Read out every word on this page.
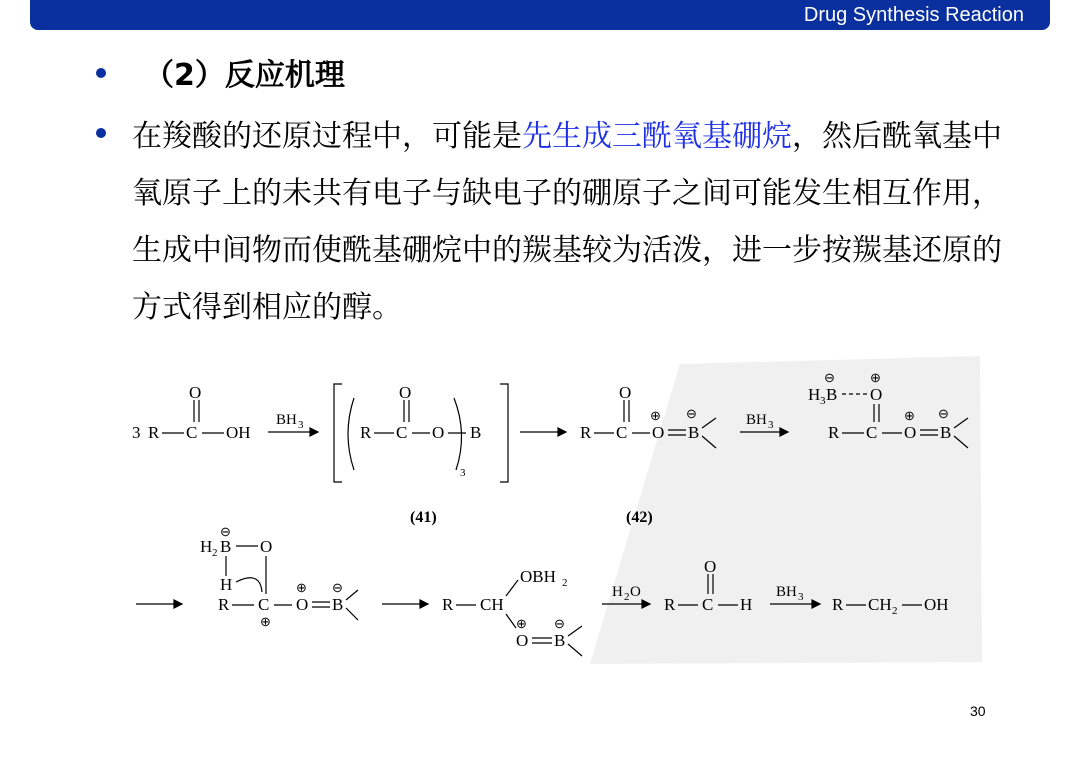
Drug Synthesis Reaction
（2）反应机理
在羧酸的还原过程中，可能是先生成三酰氧基硼烷，然后酰氧基中氧原子上的未共有电子与缺电子的硼原子之间可能发生相互作用，生成中间物而使酰基硼烷中的羰基较为活泼，进一步按羰基还原的方式得到相应的醇。
3 R C
O
OH
BH 3	R C
O
O B
3
(41)
R C
O
O
⊕
B
⊖
(42)
BH 3
H 3 B
⊖
O
⊕
R C O
⊕
B
⊖
H 2 B
⊖
O
H
R C
⊕
O
⊕
B
⊖
R CH
OBH 2
O
⊕
B
⊖
H 2 O
R C
O
H
BH 3 R CH 2 OH
30
